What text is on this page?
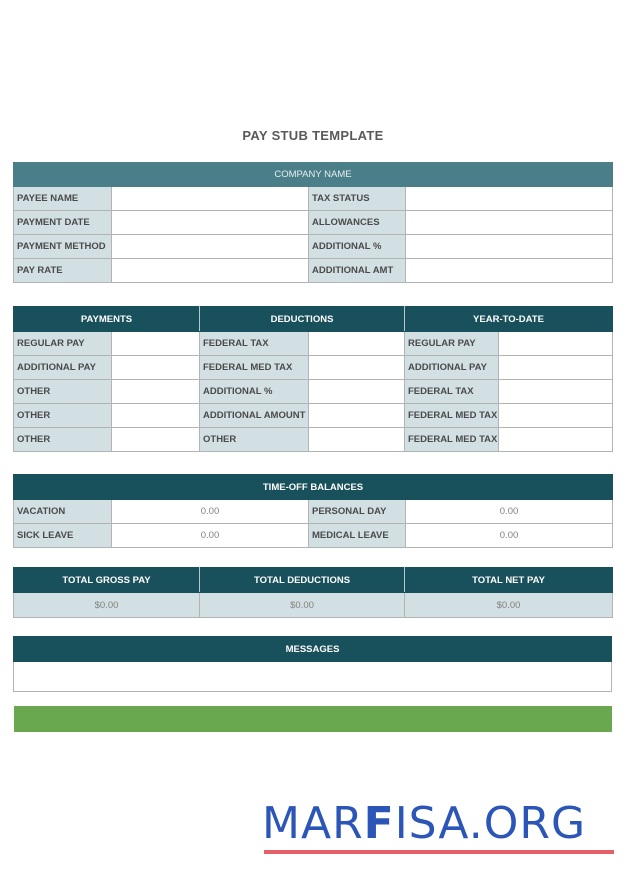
PAY STUB TEMPLATE
COMPANY NAME			
PAYEE NAME		TAX STATUS	
PAYMENT DATE		ALLOWANCES	
PAYMENT METHOD		ADDITIONAL %	
PAY RATE		ADDITIONAL AMT	
PAYMENTS		DEDUCTIONS		YEAR-TO-DATE	
REGULAR PAY		FEDERAL TAX		REGULAR PAY	
ADDITIONAL PAY		FEDERAL MED TAX		ADDITIONAL PAY	
OTHER		ADDITIONAL %		FEDERAL TAX	
OTHER		ADDITIONAL AMOUNT		FEDERAL MED TAX	
OTHER		OTHER		FEDERAL MED TAX	
TIME-OFF BALANCES			
VACATION	0.00	PERSONAL DAY	0.00
SICK LEAVE	0.00	MEDICAL LEAVE	0.00
TOTAL GROSS PAY	TOTAL DEDUCTIONS	TOTAL NET PAY
$0.00	$0.00	$0.00
MESSAGES

MARFISA.ORG
